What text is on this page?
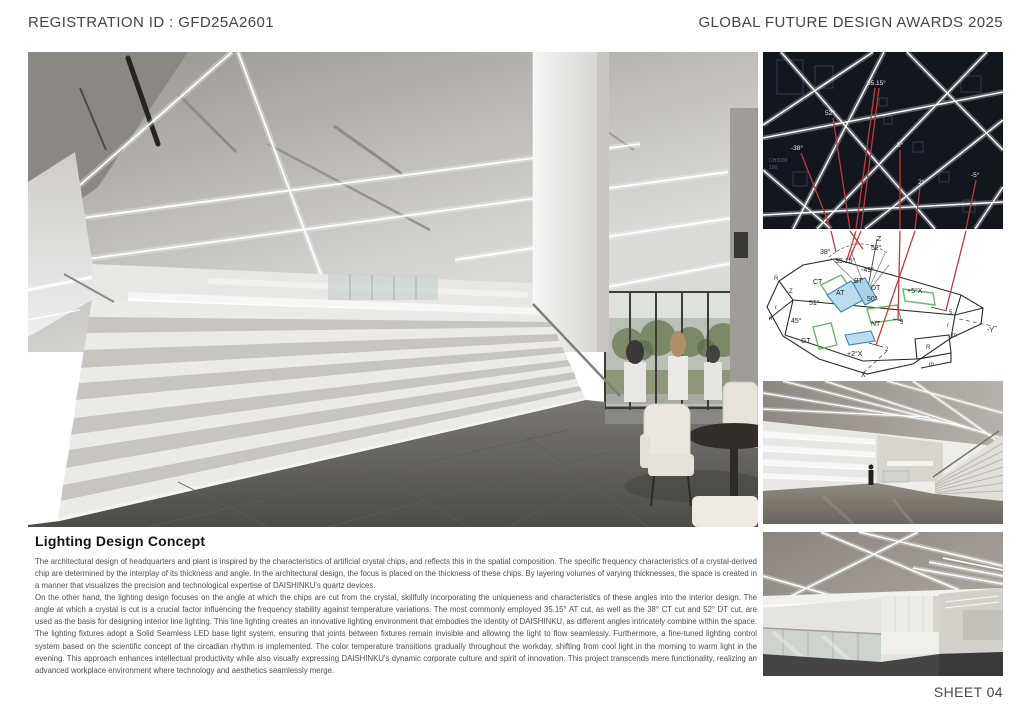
REGISTRATION ID : GFD25A2601	GLOBAL FUTURE DESIGN AWARDS 2025
CH3000
100
35.15°
52°
-38°	5°
2°
-5°
38°
35.15°
52°
-49°
50°
51°
45°
CT
AT
BT
DT
NT
GT
+5°X
+2°X
Z
X
-Y
R
Z
r
m
r
m
R
m
5
5
2
Lighting Design Concept

The architectural design of headquarters and plant is inspired by the characteristics of artificial crystal chips, and reflects this in the spatial composition. The specific frequency characteristics of a crystal-derived chip are determined by the interplay of its thickness and angle. In the architectural design, the focus is placed on the thickness of these chips. By layering volumes of varying thicknesses, the space is created in a manner that visualizes the precision and technological expertise of DAISHINKU's quartz devices.

On the other hand, the lighting design focuses on the angle at which the chips are cut from the crystal, skillfully incorporating the uniqueness and characteristics of these angles into the interior design. The angle at which a crystal is cut is a crucial factor influencing the frequency stability against temperature variations. The most commonly employed 35.15° AT cut, as well as the 38° CT cut and 52° DT cut, are used as the basis for designing interior line lighting. This line lighting creates an innovative lighting environment that embodies the identity of DAISHINKU, as different angles intricately combine within the space. The lighting fixtures adopt a Solid Seamless LED base light system, ensuring that joints between fixtures remain invisible and allowing the light to flow seamlessly. Furthermore, a fine-tuned lighting control system based on the scientific concept of the circadian rhythm is implemented. The color temperature transitions gradually throughout the workday, shifting from cool light in the morning to warm light in the evening. This approach enhances intellectual productivity while also visually expressing DAISHINKU's dynamic corporate culture and spirit of innovation. This project transcends mere functionality, realizing an advanced workplace environment where technology and aesthetics seamlessly merge.

SHEET 04
